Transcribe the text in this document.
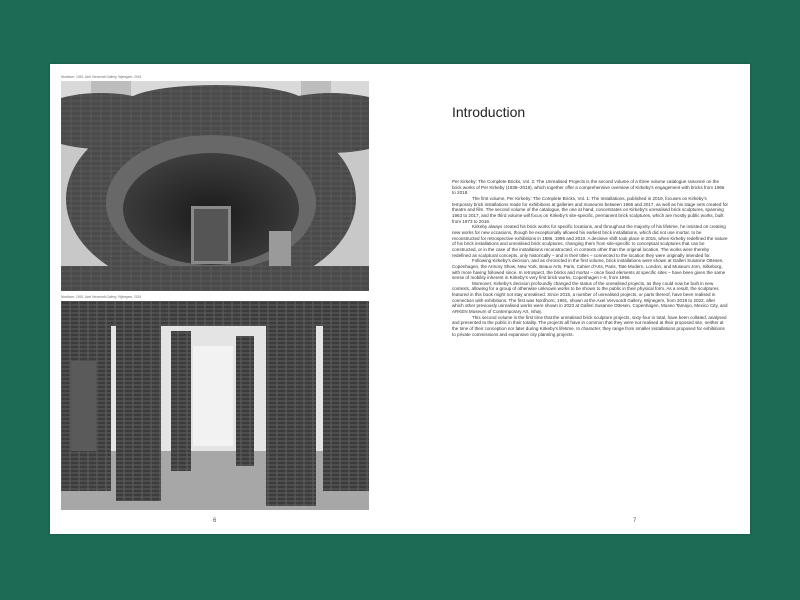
Nordhorn, 1991, Axel Vervoordt Gallery, Wijnegem, 2019
Nordhorn, 1991, Axel Vervoordt Gallery, Wijnegem, 2019
6
Introduction

Per Kirkeby: The Complete Bricks, Vol. 2: The Unrealised Projects is the second volume of a three volume catalogue raisonné on the brick works of Per Kirkeby (1938–2018), which together offer a comprehensive overview of Kirkeby's engagement with bricks from 1966 to 2018.

The first volume, Per Kirkeby: The Complete Bricks, Vol. 1: The Installations, published in 2019, focuses on Kirkeby's temporary brick installations made for exhibitions at galleries and museums between 1966 and 2017, as well as his stage sets created for theatre and film. The second volume of the catalogue, the one at hand, concentrates on Kirkeby's unrealised brick sculptures, spanning 1963 to 2017, and the third volume will focus on Kirkeby's site-specific, permanent brick sculptures, which are mostly public works, built from 1973 to 2018.

Kirkeby always created his brick works for specific locations, and throughout the majority of his lifetime, he insisted on creating new works for new occasions, though he exceptionally allowed his earliest brick installations, which did not use mortar, to be reconstructed for retrospective exhibitions in 1986, 1996 and 2010. A decisive shift took place in 2015, when Kirkeby redefined the nature of his brick installations and unrealised brick sculptures, changing them from site-specific to conceptual sculptures that can be constructed, or in the case of the installations reconstructed, in contexts other than the original location. The works were thereby redefined as sculptural concepts, only historically – and in their titles – connected to the location they were originally intended for.

Following Kirkeby's decision, and as chronicled in the first volume, brick installations were shown at Galleri Susanne Ottesen, Copenhagen, the Armory Show, New York, Beaux Arts, Paris, Cahier d'Arts, Paris, Tate Modern, London, and Museum Jorn, Silkeborg, with more having followed since. In retrospect, the bricks and mortar – once fixed elements at specific sites – have been given the same sense of mobility inherent in Kirkeby's very first brick works, Copenhagen I–II, from 1966.

Moreover, Kirkeby's decision profoundly changed the status of the unrealised projects, as they could now be built in new contexts, allowing for a group of otherwise unknown works to be shown to the public in their physical form. As a result, the sculptures featured in this book might not stay unrealised. Since 2015, a number of unrealised projects, or parts thereof, have been realised in connection with exhibitions. The first was Nordhorn, 1991, shown at the Axel Vervoordt Gallery, Wijnegem, from 2019 to 2022, after which other previously unrealised works were shown in 2023 at Galleri Susanne Ottesen, Copenhagen, Museo Tamayo, Mexico City, and ARKEN Museum of Contemporary Art, Ishøj.

This second volume is the first time that the unrealised brick sculpture projects, sixty-four in total, have been collated, analysed and presented to the public in their totality. The projects all have in common that they were not realised at their proposed site, neither at the time of their conception nor later during Kirkeby's lifetime. In character, they range from smaller installations proposed for exhibitions to private commissions and expansive city planning projects.

7
